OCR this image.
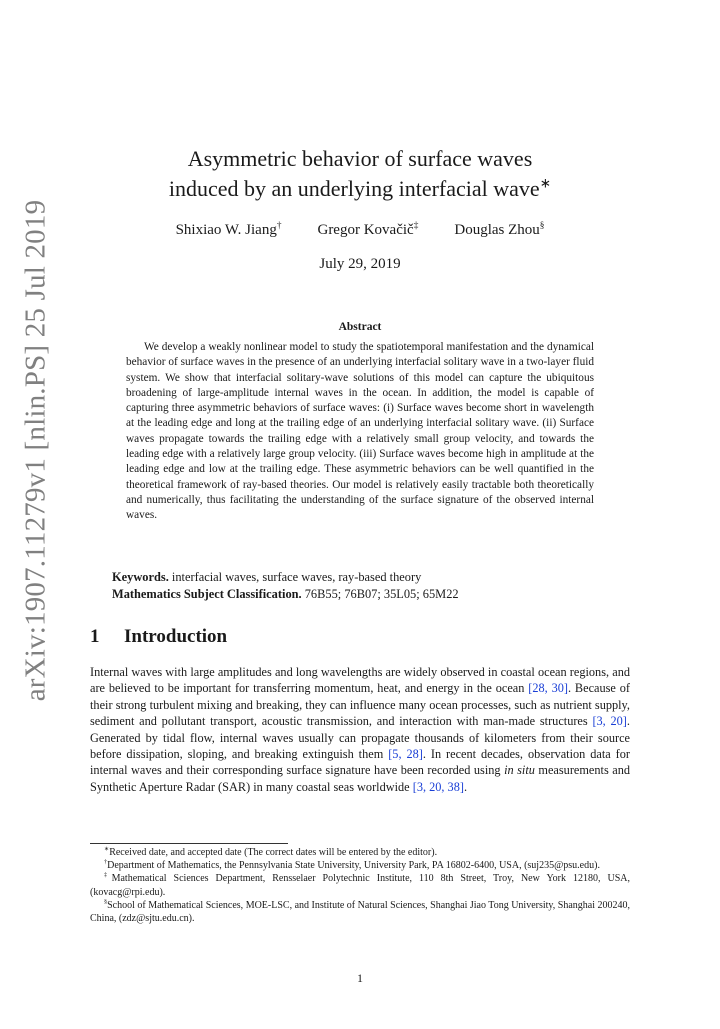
arXiv:1907.11279v1 [nlin.PS] 25 Jul 2019
Asymmetric behavior of surface waves
induced by an underlying interfacial wave∗
Shixiao W. Jiang† Gregor Kovačič‡ Douglas Zhou§
July 29, 2019
Abstract

We develop a weakly nonlinear model to study the spatiotemporal manifestation and the dynamical behavior of surface waves in the presence of an underlying interfacial solitary wave in a two-layer fluid system. We show that interfacial solitary-wave solutions of this model can capture the ubiquitous broadening of large-amplitude internal waves in the ocean. In addition, the model is capable of capturing three asymmetric behaviors of surface waves: (i) Surface waves become short in wavelength at the leading edge and long at the trailing edge of an underlying interfacial solitary wave. (ii) Surface waves propagate towards the trailing edge with a relatively small group velocity, and towards the leading edge with a relatively large group velocity. (iii) Surface waves become high in amplitude at the leading edge and low at the trailing edge. These asymmetric behaviors can be well quantified in the theoretical framework of ray-based theories. Our model is relatively easily tractable both theoretically and numerically, thus facilitating the understanding of the surface signature of the observed internal waves.

Keywords. interfacial waves, surface waves, ray-based theory
Mathematics Subject Classification. 76B55; 76B07; 35L05; 65M22
1 Introduction

Internal waves with large amplitudes and long wavelengths are widely observed in coastal ocean regions, and are believed to be important for transferring momentum, heat, and energy in the ocean [28, 30]. Because of their strong turbulent mixing and breaking, they can influence many ocean processes, such as nutrient supply, sediment and pollutant transport, acoustic transmission, and interaction with man-made structures [3, 20]. Generated by tidal flow, internal waves usually can propagate thousands of kilometers from their source before dissipation, sloping, and breaking extinguish them [5, 28]. In recent decades, observation data for internal waves and their corresponding surface signature have been recorded using in situ measurements and Synthetic Aperture Radar (SAR) in many coastal seas worldwide [3, 20, 38].

∗Received date, and accepted date (The correct dates will be entered by the editor).

†Department of Mathematics, the Pennsylvania State University, University Park, PA 16802-6400, USA, (suj235@psu.edu).

‡Mathematical Sciences Department, Rensselaer Polytechnic Institute, 110 8th Street, Troy, New York 12180, USA, (kovacg@rpi.edu).

§School of Mathematical Sciences, MOE-LSC, and Institute of Natural Sciences, Shanghai Jiao Tong University, Shanghai 200240, China, (zdz@sjtu.edu.cn).

1
